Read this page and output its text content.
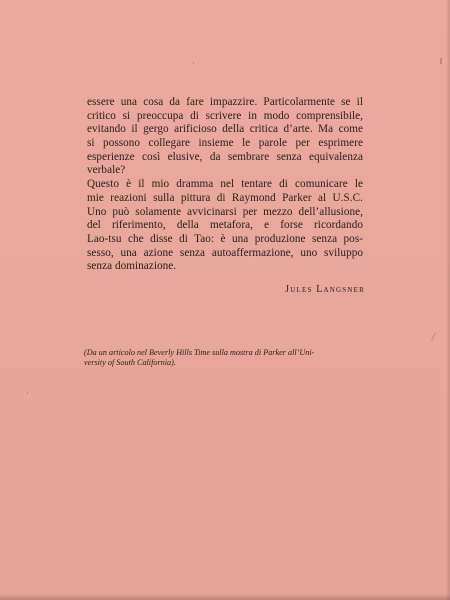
essere una cosa da fare impazzire. Particolarmente se il
critico si preoccupa di scrivere in modo comprensibile,
evitando il gergo arificioso della critica d’arte. Ma come
si possono collegare insieme le parole per esprimere
esperienze così elusive, da sembrare senza equivalenza
verbale?
Questo è il mio dramma nel tentare di comunicare le
mie reazioni sulla pittura di Raymond Parker al U.S.C.
Uno può solamente avvicinarsi per mezzo dell’allusione,
del riferimento, della metafora, e forse ricordando
Lao-tsu che disse di Tao: è una produzione senza pos-
sesso, una azione senza autoaffermazione, uno sviluppo
senza dominazione.
Jules Langsner
(Da un articolo nel Beverly Hills Time sulla mostra di Parker all’Uni-
versity of South California).
